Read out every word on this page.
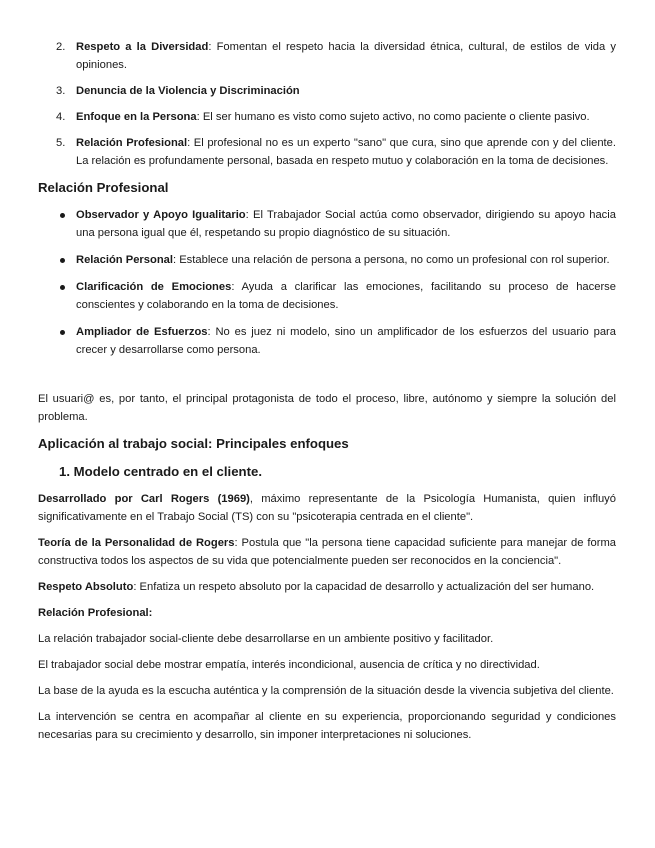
2. Respeto a la Diversidad: Fomentan el respeto hacia la diversidad étnica, cultural, de estilos de vida y opiniones.
3. Denuncia de la Violencia y Discriminación
4. Enfoque en la Persona: El ser humano es visto como sujeto activo, no como paciente o cliente pasivo.
5. Relación Profesional: El profesional no es un experto "sano" que cura, sino que aprende con y del cliente. La relación es profundamente personal, basada en respeto mutuo y colaboración en la toma de decisiones.
Relación Profesional
Observador y Apoyo Igualitario: El Trabajador Social actúa como observador, dirigiendo su apoyo hacia una persona igual que él, respetando su propio diagnóstico de su situación.
Relación Personal: Establece una relación de persona a persona, no como un profesional con rol superior.
Clarificación de Emociones: Ayuda a clarificar las emociones, facilitando su proceso de hacerse conscientes y colaborando en la toma de decisiones.
Ampliador de Esfuerzos: No es juez ni modelo, sino un amplificador de los esfuerzos del usuario para crecer y desarrollarse como persona.

El usuari@ es, por tanto, el principal protagonista de todo el proceso, libre, autónomo y siempre la solución del problema.

Aplicación al trabajo social: Principales enfoques
1. Modelo centrado en el cliente.

Desarrollado por Carl Rogers (1969), máximo representante de la Psicología Humanista, quien influyó significativamente en el Trabajo Social (TS) con su "psicoterapia centrada en el cliente".

Teoría de la Personalidad de Rogers: Postula que "la persona tiene capacidad suficiente para manejar de forma constructiva todos los aspectos de su vida que potencialmente pueden ser reconocidos en la conciencia".

Respeto Absoluto: Enfatiza un respeto absoluto por la capacidad de desarrollo y actualización del ser humano.

Relación Profesional:

La relación trabajador social-cliente debe desarrollarse en un ambiente positivo y facilitador.

El trabajador social debe mostrar empatía, interés incondicional, ausencia de crítica y no directividad.

La base de la ayuda es la escucha auténtica y la comprensión de la situación desde la vivencia subjetiva del cliente.

La intervención se centra en acompañar al cliente en su experiencia, proporcionando seguridad y condiciones necesarias para su crecimiento y desarrollo, sin imponer interpretaciones ni soluciones.
